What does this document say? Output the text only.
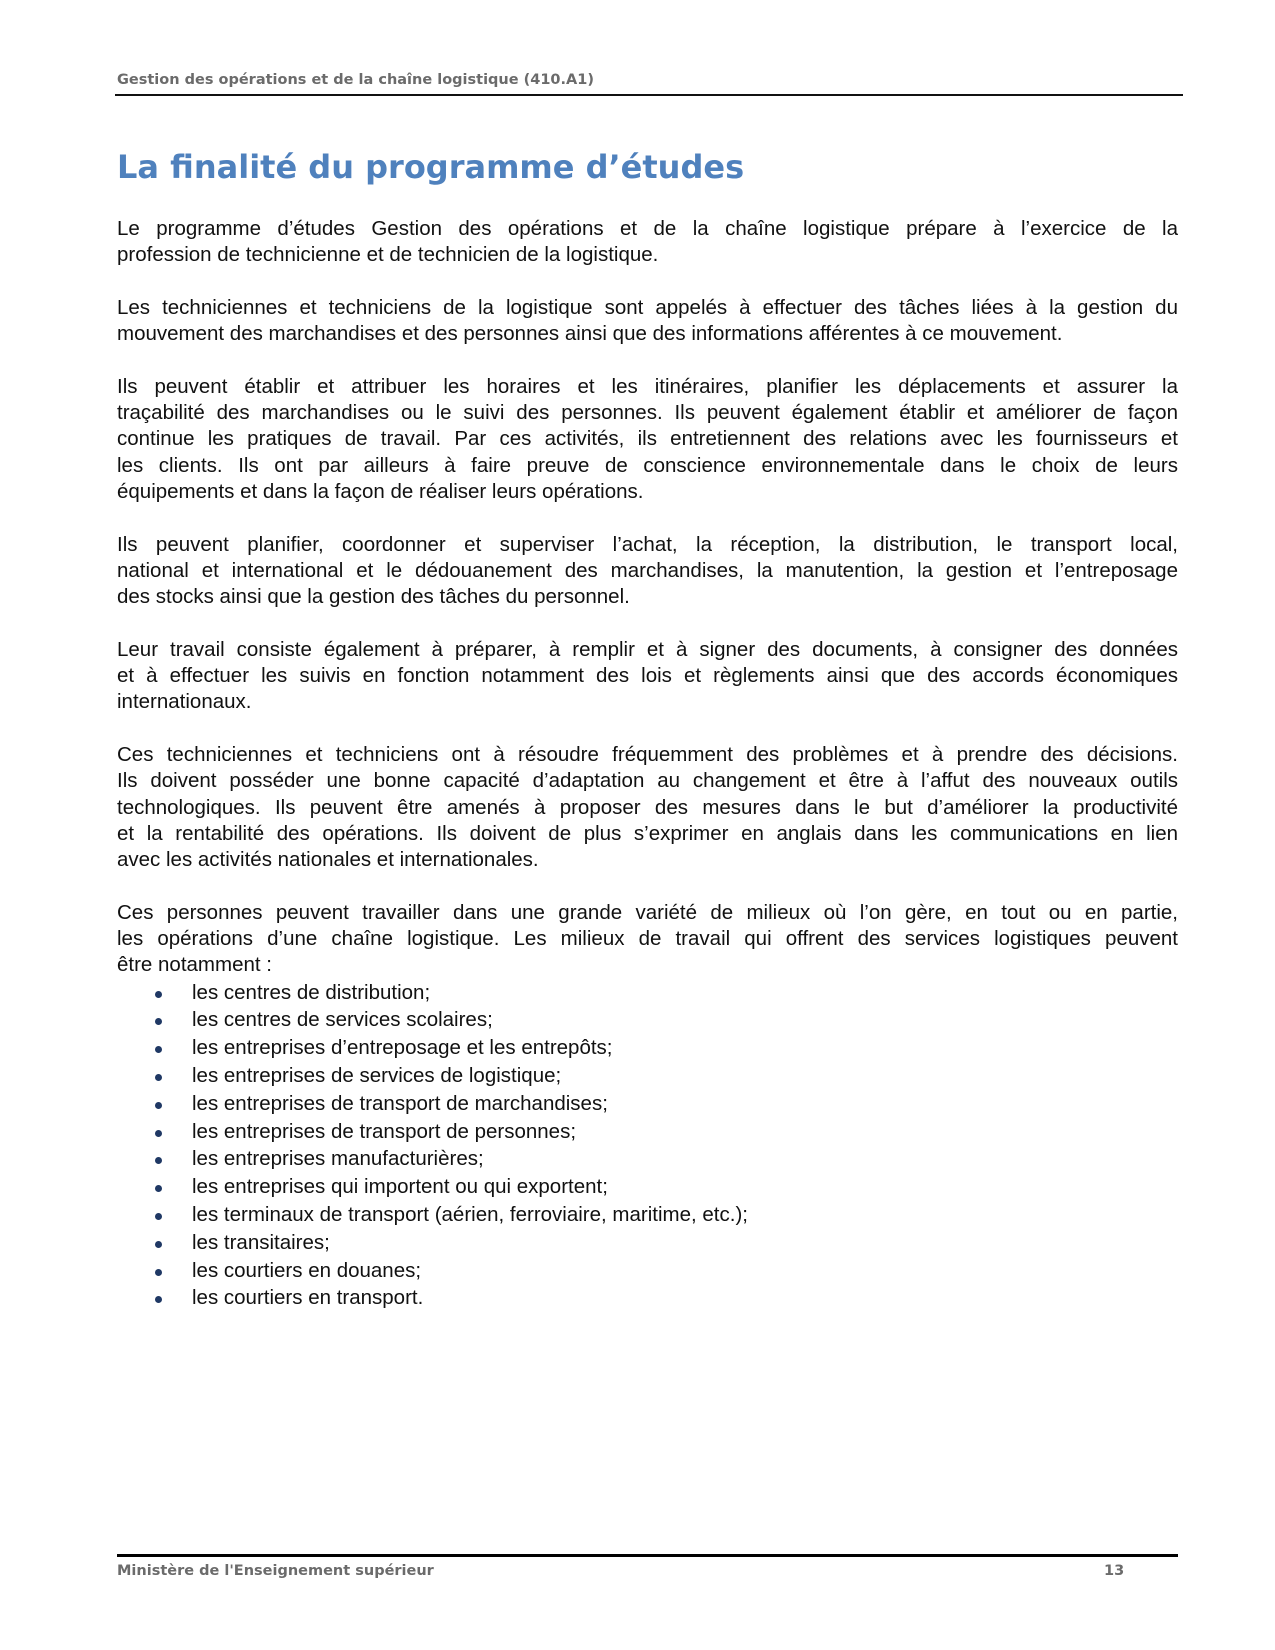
Gestion des opérations et de la chaîne logistique (410.A1)
La finalité du programme d’études

Le programme d’études Gestion des opérations et de la chaîne logistique prépare à l’exercice de la
profession de technicienne et de technicien de la logistique.

Les techniciennes et techniciens de la logistique sont appelés à effectuer des tâches liées à la gestion du
mouvement des marchandises et des personnes ainsi que des informations afférentes à ce mouvement.

Ils peuvent établir et attribuer les horaires et les itinéraires, planifier les déplacements et assurer la
traçabilité des marchandises ou le suivi des personnes. Ils peuvent également établir et améliorer de façon
continue les pratiques de travail. Par ces activités, ils entretiennent des relations avec les fournisseurs et
les clients. Ils ont par ailleurs à faire preuve de conscience environnementale dans le choix de leurs
équipements et dans la façon de réaliser leurs opérations.

Ils peuvent planifier, coordonner et superviser l’achat, la réception, la distribution, le transport local,
national et international et le dédouanement des marchandises, la manutention, la gestion et l’entreposage
des stocks ainsi que la gestion des tâches du personnel.

Leur travail consiste également à préparer, à remplir et à signer des documents, à consigner des données
et à effectuer les suivis en fonction notamment des lois et règlements ainsi que des accords économiques
internationaux.

Ces techniciennes et techniciens ont à résoudre fréquemment des problèmes et à prendre des décisions.
Ils doivent posséder une bonne capacité d’adaptation au changement et être à l’affut des nouveaux outils
technologiques. Ils peuvent être amenés à proposer des mesures dans le but d’améliorer la productivité
et la rentabilité des opérations. Ils doivent de plus s’exprimer en anglais dans les communications en lien
avec les activités nationales et internationales.

Ces personnes peuvent travailler dans une grande variété de milieux où l’on gère, en tout ou en partie,
les opérations d’une chaîne logistique. Les milieux de travail qui offrent des services logistiques peuvent
être notamment :

les centres de distribution;
les centres de services scolaires;
les entreprises d’entreposage et les entrepôts;
les entreprises de services de logistique;
les entreprises de transport de marchandises;
les entreprises de transport de personnes;
les entreprises manufacturières;
les entreprises qui importent ou qui exportent;
les terminaux de transport (aérien, ferroviaire, maritime, etc.);
les transitaires;
les courtiers en douanes;
les courtiers en transport.
Ministère de l'Enseignement supérieur	13
